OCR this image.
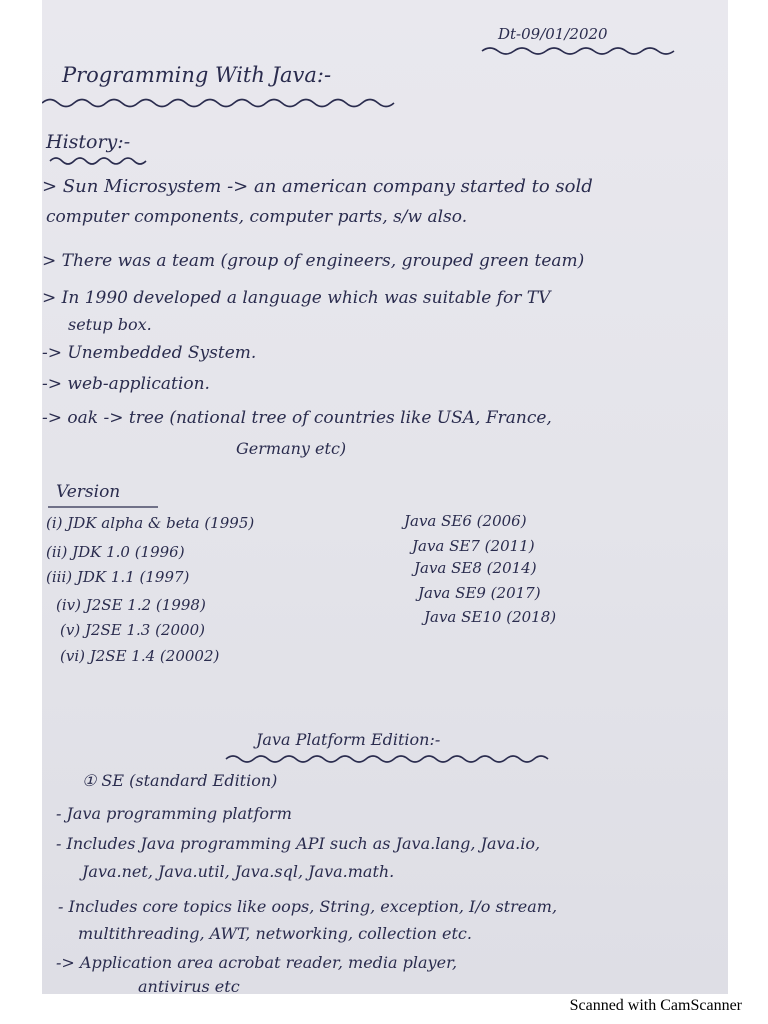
Dt-09/01/2020
Programming With Java:-
History:-
> Sun Microsystem -> an american company started to sold
computer components, computer parts, s/w also.
> There was a team (group of engineers, grouped green team)
> In 1990 developed a language which was suitable for TV
setup box.
-> Unembedded System.
-> web-application.
-> oak -> tree (national tree of countries like USA, France,
Germany etc)
Version
(i) JDK alpha & beta (1995)
(ii) JDK 1.0 (1996)
(iii) JDK 1.1 (1997)
(iv) J2SE 1.2 (1998)
(v) J2SE 1.3 (2000)
(vi) J2SE 1.4 (20002)
Java SE6 (2006)
Java SE7 (2011)
Java SE8 (2014)
Java SE9 (2017)
Java SE10 (2018)
Java Platform Edition:-
① SE (standard Edition)
- Java programming platform
- Includes Java programming API such as Java.lang, Java.io,
Java.net, Java.util, Java.sql, Java.math.
- Includes core topics like oops, String, exception, I/o stream,
multithreading, AWT, networking, collection etc.
-> Application area acrobat reader, media player,
antivirus etc
Scanned with CamScanner
